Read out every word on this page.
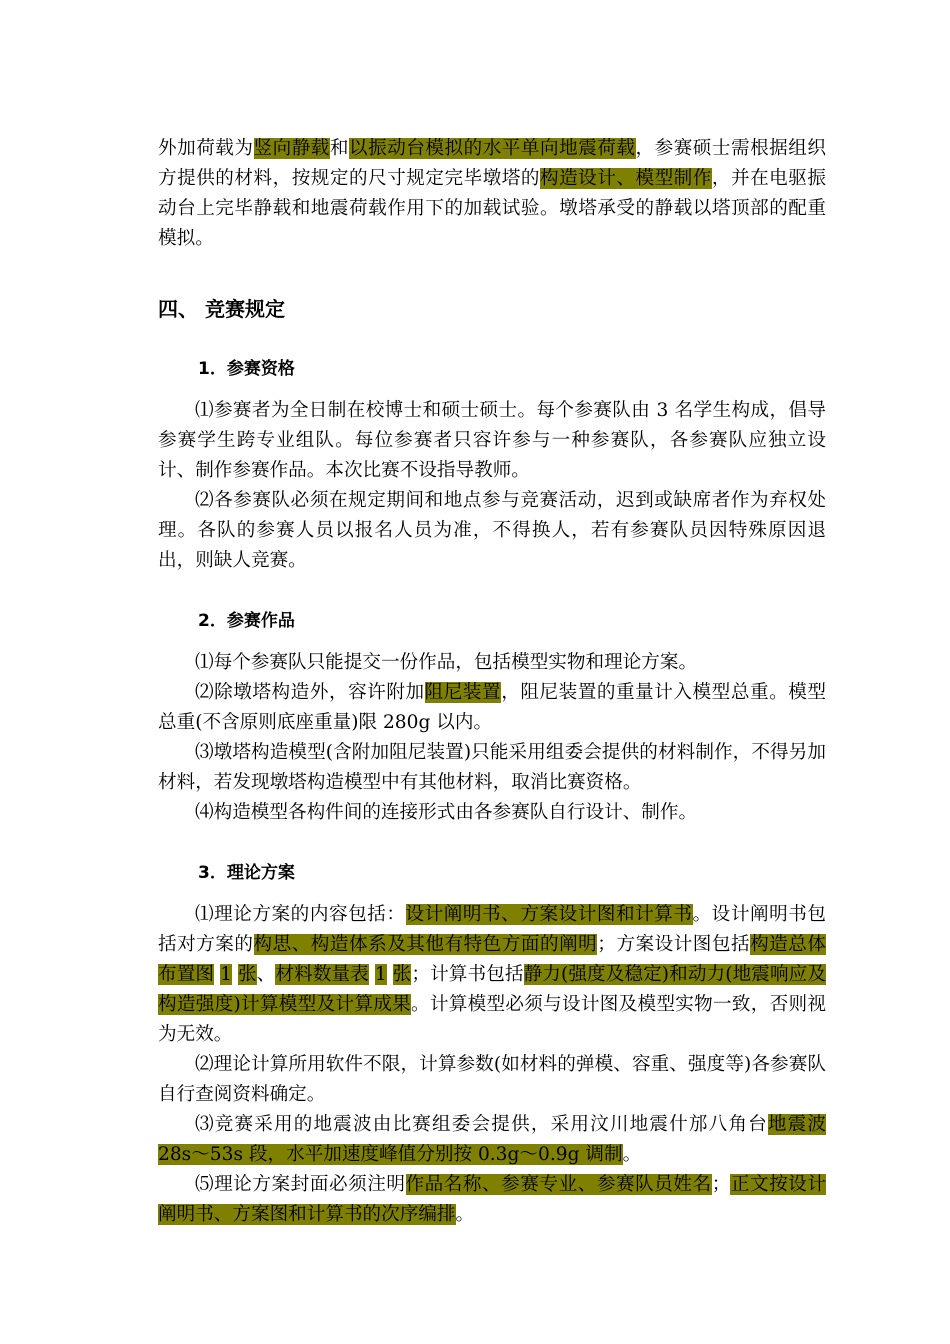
外加荷载为竖向静载和以振动台模拟的水平单向地震荷载，参赛硕士需根据组织方提供的材料，按规定的尺寸规定完毕墩塔的构造设计、模型制作，并在电驱振动台上完毕静载和地震荷载作用下的加载试验。墩塔承受的静载以塔顶部的配重模拟。

四、 竞赛规定
1．参赛资格

⑴参赛者为全日制在校博士和硕士硕士。每个参赛队由 3 名学生构成，倡导参赛学生跨专业组队。每位参赛者只容许参与一种参赛队，各参赛队应独立设计、制作参赛作品。本次比赛不设指导教师。

⑵各参赛队必须在规定期间和地点参与竞赛活动，迟到或缺席者作为弃权处理。各队的参赛人员以报名人员为准，不得换人，若有参赛队员因特殊原因退出，则缺人竞赛。

2．参赛作品

⑴每个参赛队只能提交一份作品，包括模型实物和理论方案。

⑵除墩塔构造外，容许附加阻尼装置，阻尼装置的重量计入模型总重。模型总重(不含原则底座重量)限 280g 以内。

⑶墩塔构造模型(含附加阻尼装置)只能采用组委会提供的材料制作，不得另加材料，若发现墩塔构造模型中有其他材料，取消比赛资格。

⑷构造模型各构件间的连接形式由各参赛队自行设计、制作。

3．理论方案

⑴理论方案的内容包括：设计阐明书、方案设计图和计算书。设计阐明书包括对方案的构思、构造体系及其他有特色方面的阐明；方案设计图包括构造总体布置图 1 张、材料数量表 1 张；计算书包括静力(强度及稳定)和动力(地震响应及构造强度)计算模型及计算成果。计算模型必须与设计图及模型实物一致，否则视为无效。

⑵理论计算所用软件不限，计算参数(如材料的弹模、容重、强度等)各参赛队自行查阅资料确定。

⑶竞赛采用的地震波由比赛组委会提供，采用汶川地震什邡八角台地震波 28s～53s 段，水平加速度峰值分别按 0.3g～0.9g 调制。

⑸理论方案封面必须注明作品名称、参赛专业、参赛队员姓名；正文按设计阐明书、方案图和计算书的次序编排。
